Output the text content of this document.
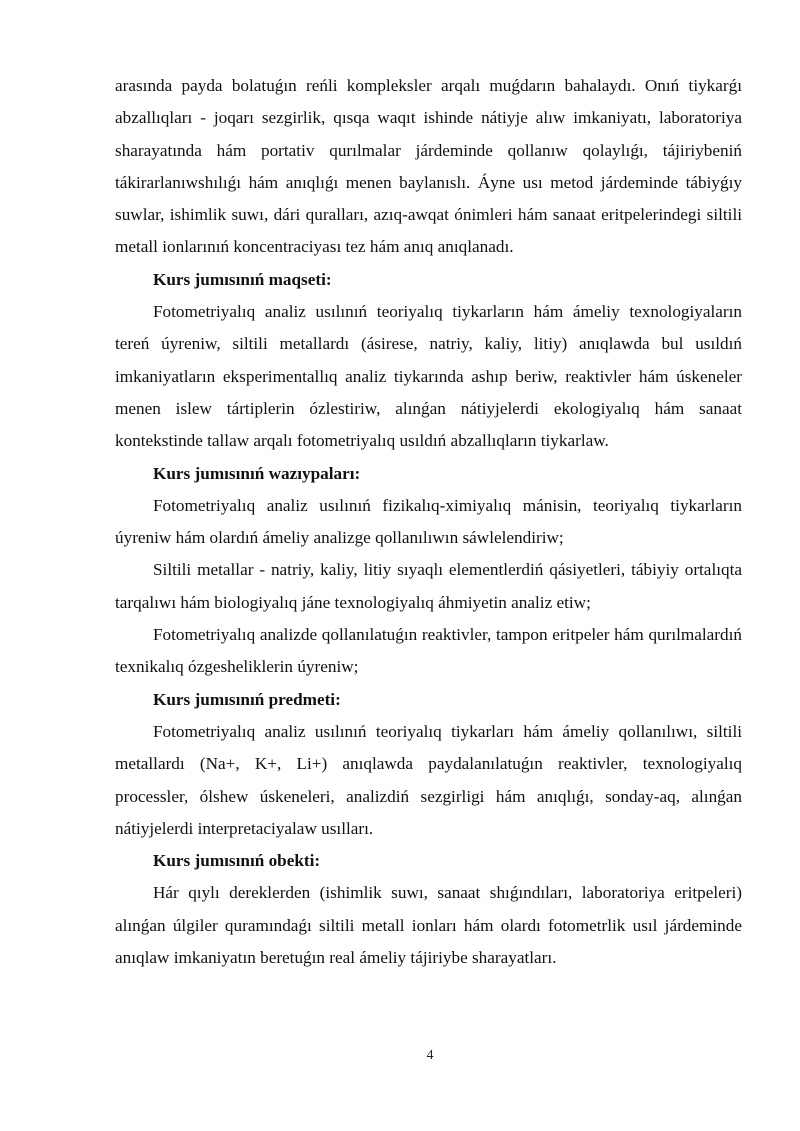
arasında payda bolatuǵın reńli kompleksler arqalı muǵdarın bahalaydı. Onıń tiykarǵı abzallıqları - joqarı sezgirlik, qısqa waqıt ishinde nátiyje alıw imkaniyatı, laboratoriya sharayatında hám portativ qurılmalar járdeminde qollanıw qolaylıǵı, tájiriybeniń tákirarlanıwshılıǵı hám anıqlıǵı menen baylanıslı. Áyne usı metod járdeminde tábiyǵıy suwlar, ishimlik suwı, dári quralları, azıq-awqat ónimleri hám sanaat eritpelerindegi siltili metall ionlarınıń koncentraciyası tez hám anıq anıqlanadı.

Kurs jumısınıń maqseti:

Fotometriyalıq analiz usılınıń teoriyalıq tiykarların hám ámeliy texnologiyaların tereń úyreniw, siltili metallardı (ásirese, natriy, kaliy, litiy) anıqlawda bul usıldıń imkaniyatların eksperimentallıq analiz tiykarında ashıp beriw, reaktivler hám úskeneler menen islew tártiplerin ózlestiriw, alınǵan nátiyjelerdi ekologiyalıq hám sanaat kontekstinde tallaw arqalı fotometriyalıq usıldıń abzallıqların tiykarlaw.

Kurs jumısınıń wazıypaları:

Fotometriyalıq analiz usılınıń fizikalıq-ximiyalıq mánisin, teoriyalıq tiykarların úyreniw hám olardıń ámeliy analizge qollanılıwın sáwlelendiriw;

Siltili metallar - natriy, kaliy, litiy sıyaqlı elementlerdiń qásiyetleri, tábiyiy ortalıqta tarqalıwı hám biologiyalıq jáne texnologiyalıq áhmiyetin analiz etiw;

Fotometriyalıq analizde qollanılatuǵın reaktivler, tampon eritpeler hám qurılmalardıń texnikalıq ózgesheliklerin úyreniw;

Kurs jumısınıń predmeti:

Fotometriyalıq analiz usılınıń teoriyalıq tiykarları hám ámeliy qollanılıwı, siltili metallardı (Na+, K+, Li+) anıqlawda paydalanılatuǵın reaktivler, texnologiyalıq processler, ólshew úskeneleri, analizdiń sezgirligi hám anıqlıǵı, sonday-aq, alınǵan nátiyjelerdi interpretaciyalaw usılları.

Kurs jumısınıń obekti:

Hár qıylı dereklerden (ishimlik suwı, sanaat shıǵındıları, laboratoriya eritpeleri) alınǵan úlgiler quramındaǵı siltili metall ionları hám olardı fotometrlik usıl járdeminde anıqlaw imkaniyatın beretuǵın real ámeliy tájiriybe sharayatları.

4
